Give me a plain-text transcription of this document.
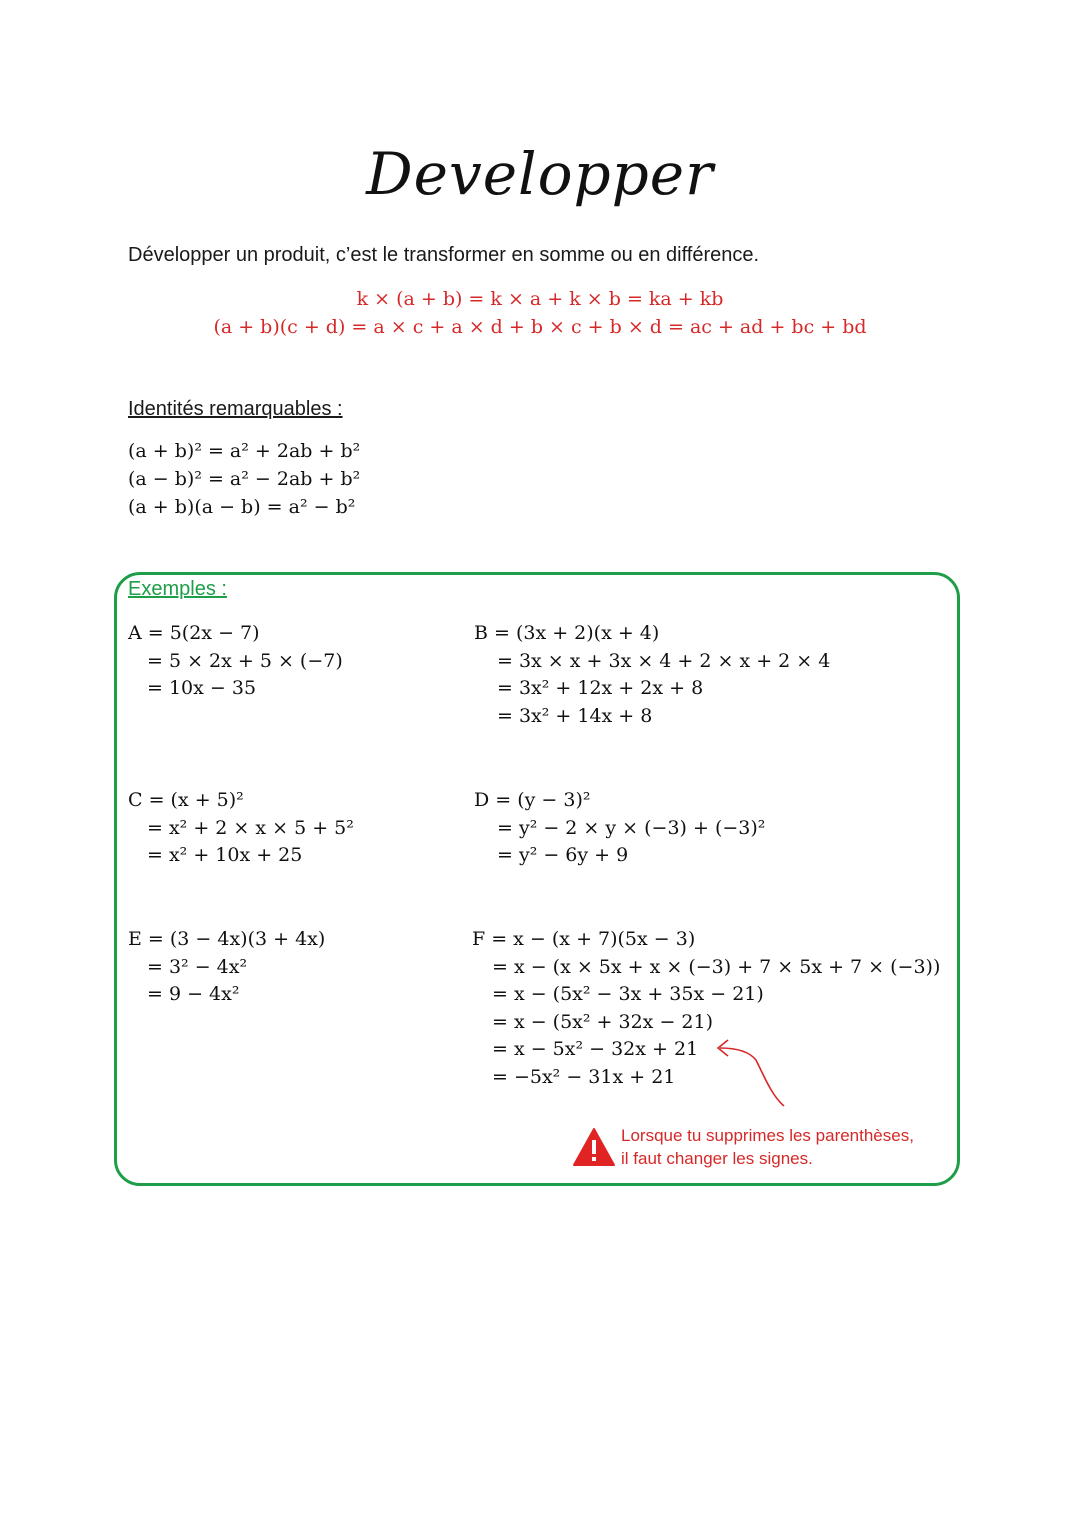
Developper
Développer un produit, c’est le transformer en somme ou en différence.
k × (a + b) = k × a + k × b = ka + kb
(a + b)(c + d) = a × c + a × d + b × c + b × d = ac + ad + bc + bd
Identités remarquables :
(a + b)² = a² + 2ab + b²
(a − b)² = a² − 2ab + b²
(a + b)(a − b) = a² − b²
Exemples :
A = 5(2x − 7)
= 5 × 2x + 5 × (−7)
= 10x − 35
B = (3x + 2)(x + 4)
= 3x × x + 3x × 4 + 2 × x + 2 × 4
= 3x² + 12x + 2x + 8
= 3x² + 14x + 8
C = (x + 5)²
= x² + 2 × x × 5 + 5²
= x² + 10x + 25
D = (y − 3)²
= y² − 2 × y × (−3) + (−3)²
= y² − 6y + 9
E = (3 − 4x)(3 + 4x)
= 3² − 4x²
= 9 − 4x²
F = x − (x + 7)(5x − 3)
= x − (x × 5x + x × (−3) + 7 × 5x + 7 × (−3))
= x − (5x² − 3x + 35x − 21)
= x − (5x² + 32x − 21)
= x − 5x² − 32x + 21
= −5x² − 31x + 21
Lorsque tu supprimes les parenthèses,
il faut changer les signes.
